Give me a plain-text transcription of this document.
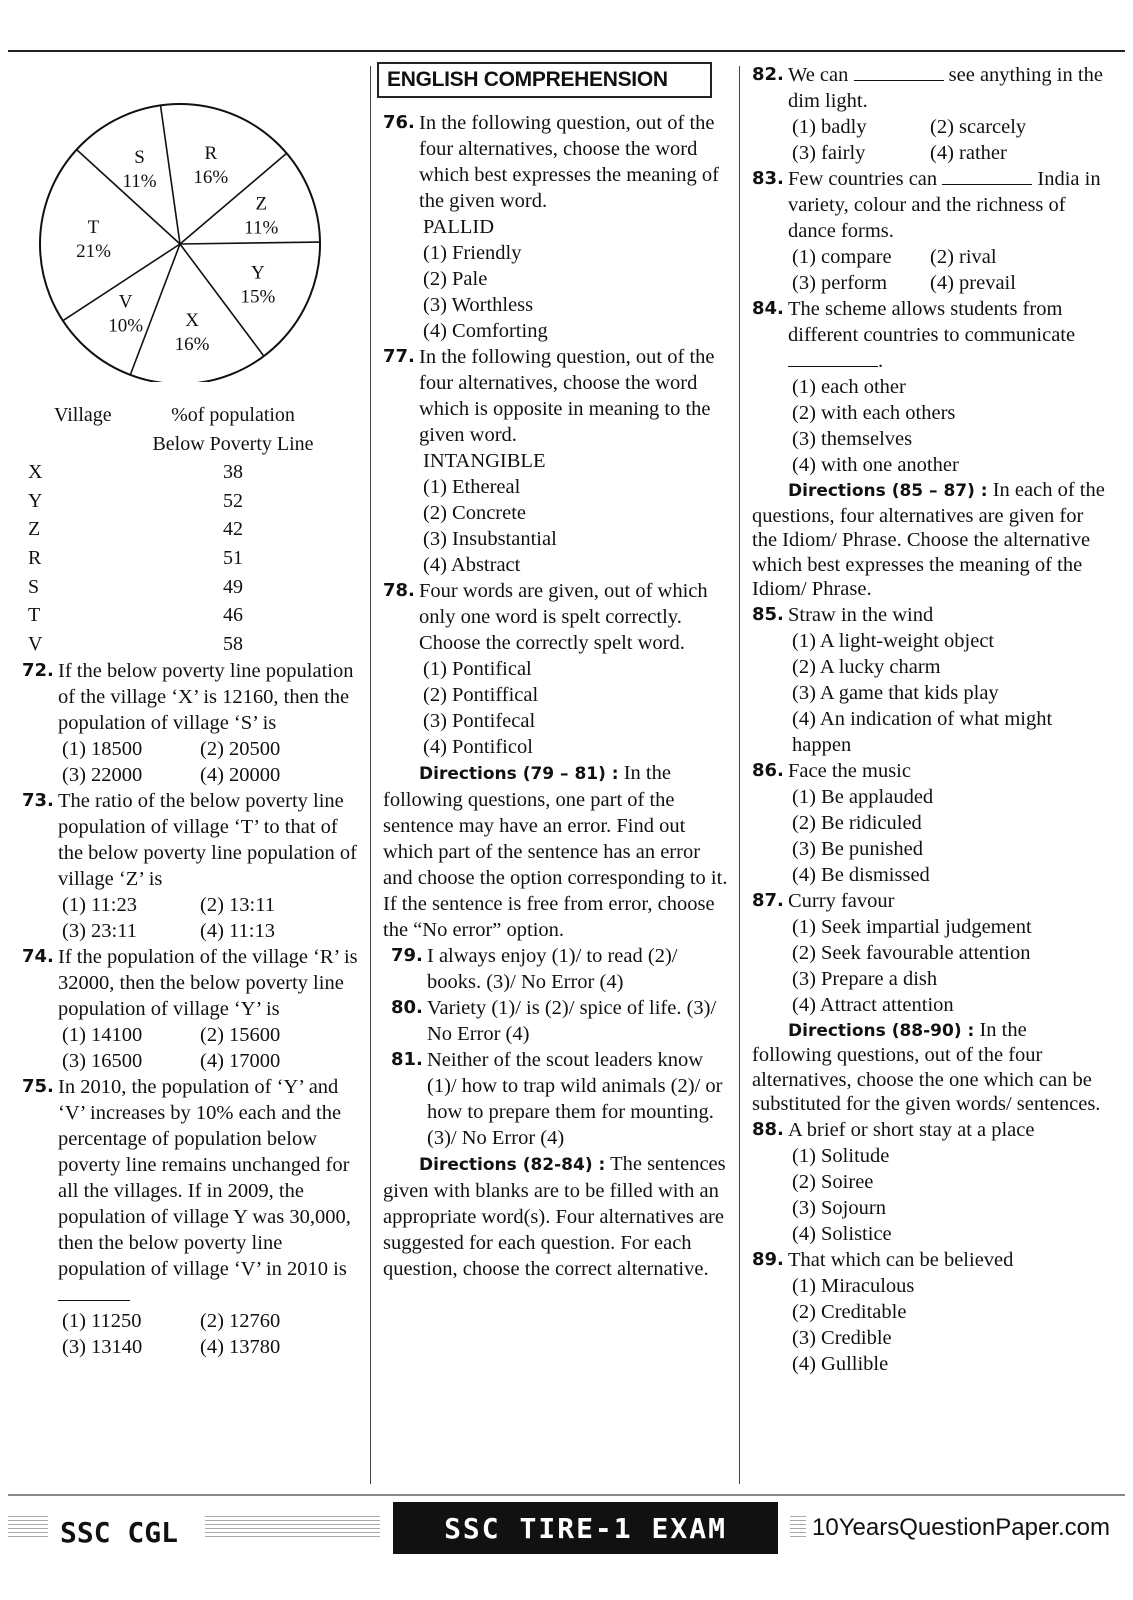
R
16%
Z
11%
Y
15%
X
16%
V
10%
T
21%
S
11%
Village	%of population
Below Poverty Line
X	38
Y	52
Z	42
R	51
S	49
T	46
V	58
72. If the below poverty line population of the village ‘X’ is 12160, then the population of village ‘S’ is
(1) 18500	(2) 20500
(3) 22000	(4) 20000
73. The ratio of the below poverty line population of village ‘T’ to that of the below poverty line population of village ‘Z’ is
(1) 11:23	(2) 13:11
(3) 23:11	(4) 11:13
74. If the population of the village ‘R’ is 32000, then the below poverty line population of village ‘Y’ is
(1) 14100	(2) 15600
(3) 16500	(4) 17000
75. In 2010, the population of ‘Y’ and ‘V’ increases by 10% each and the percentage of population below poverty line remains unchanged for all the villages. If in 2009, the population of village Y was 30,000, then the below poverty line population of village ‘V’ in 2010 is
(1) 11250	(2) 12760
(3) 13140	(4) 13780
ENGLISH COMPREHENSION
76. In the following question, out of the four alternatives, choose the word which best expresses the meaning of the given word.
PALLID
(1) Friendly
(2) Pale
(3) Worthless
(4) Comforting
77. In the following question, out of the four alternatives, choose the word which is opposite in meaning to the given word.
INTANGIBLE
(1) Ethereal
(2) Concrete
(3) Insubstantial
(4) Abstract
78. Four words are given, out of which only one word is spelt correctly. Choose the correctly spelt word.
(1) Pontifical
(2) Pontiffical
(3) Pontifecal
(4) Pontificol
Directions (79 – 81) : In the following questions, one part of the sentence may have an error. Find out which part of the sentence has an error and choose the option corresponding to it. If the sentence is free from error, choose the “No error” option.
79. I always enjoy (1)/ to read (2)/ books. (3)/ No Error (4)
80. Variety (1)/ is (2)/ spice of life. (3)/ No Error (4)
81. Neither of the scout leaders know (1)/ how to trap wild animals (2)/ or how to prepare them for mounting. (3)/ No Error (4)
Directions (82-84) : The sentences given with blanks are to be filled with an appropriate word(s). Four alternatives are suggested for each question. For each question, choose the correct alternative.
82. We can	see anything in the dim light.
(1) badly	(2) scarcely
(3) fairly	(4) rather
83. Few countries can	India in variety, colour and the richness of dance forms.
(1) compare	(2) rival
(3) perform	(4) prevail
84. The scheme allows students from different countries to communicate .
(1) each other
(2) with each others
(3) themselves
(4) with one another
Directions (85 – 87) : In each of the questions, four alternatives are given for the Idiom/ Phrase. Choose the alternative which best expresses the meaning of the Idiom/ Phrase.
85. Straw in the wind
(1) A light-weight object
(2) A lucky charm
(3) A game that kids play
(4) An indication of what might happen
86. Face the music
(1) Be applauded
(2) Be ridiculed
(3) Be punished
(4) Be dismissed
87. Curry favour
(1) Seek impartial judgement
(2) Seek favourable attention
(3) Prepare a dish
(4) Attract attention
Directions (88-90) : In the following questions, out of the four alternatives, choose the one which can be substituted for the given words/ sentences.
88. A brief or short stay at a place
(1) Solitude
(2) Soiree
(3) Sojourn
(4) Solistice
89. That which can be believed
(1) Miraculous
(2) Creditable
(3) Credible
(4) Gullible
SSC CGL	SSC TIRE-1 EXAM	10YearsQuestionPaper.com
